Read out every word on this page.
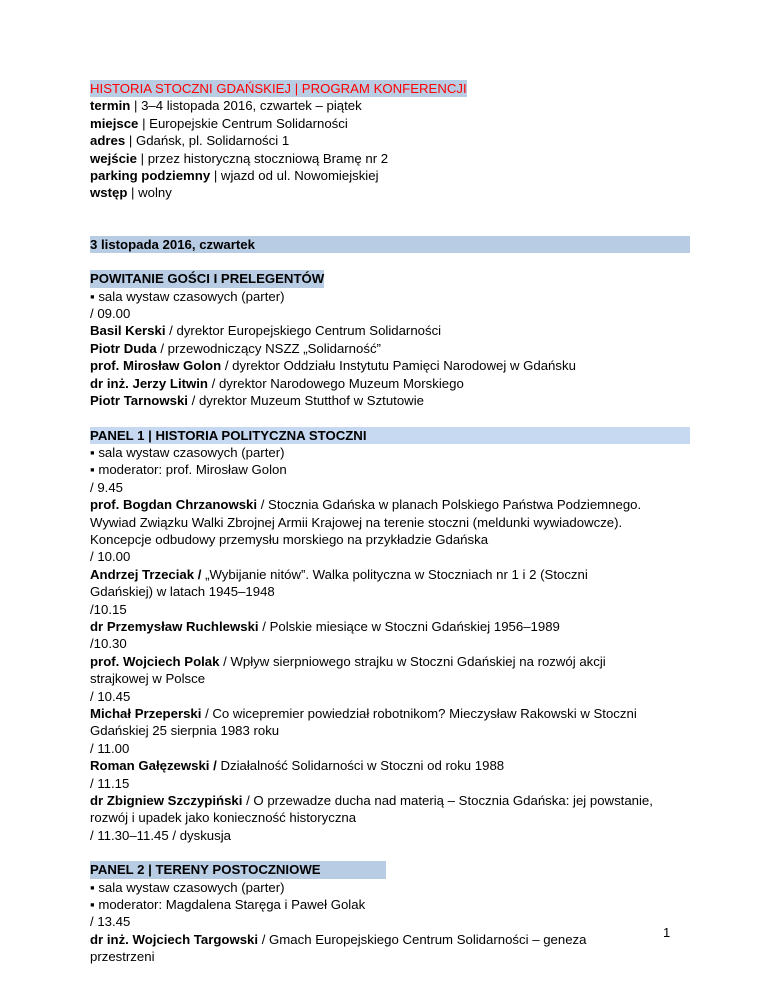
HISTORIA STOCZNI GDAŃSKIEJ | PROGRAM KONFERENCJI
termin | 3–4 listopada 2016, czwartek – piątek
miejsce | Europejskie Centrum Solidarności
adres | Gdańsk, pl. Solidarności 1
wejście | przez historyczną stoczniową Bramę nr 2
parking podziemny | wjazd od ul. Nowomiejskiej
wstęp | wolny
3 listopada 2016, czwartek
POWITANIE GOŚCI I PRELEGENTÓW
▪ sala wystaw czasowych (parter)
/ 09.00
Basil Kerski / dyrektor Europejskiego Centrum Solidarności
Piotr Duda / przewodniczący NSZZ „Solidarność”
prof. Mirosław Golon / dyrektor Oddziału Instytutu Pamięci Narodowej w Gdańsku
dr inż. Jerzy Litwin / dyrektor Narodowego Muzeum Morskiego
Piotr Tarnowski / dyrektor Muzeum Stutthof w Sztutowie
PANEL 1 | HISTORIA POLITYCZNA STOCZNI
▪ sala wystaw czasowych (parter)
▪ moderator: prof. Mirosław Golon
/ 9.45
prof. Bogdan Chrzanowski / Stocznia Gdańska w planach Polskiego Państwa Podziemnego.
Wywiad Związku Walki Zbrojnej Armii Krajowej na terenie stoczni (meldunki wywiadowcze).
Koncepcje odbudowy przemysłu morskiego na przykładzie Gdańska
/ 10.00
Andrzej Trzeciak / „Wybijanie nitów”. Walka polityczna w Stoczniach nr 1 i 2 (Stoczni
Gdańskiej) w latach 1945–1948
/10.15
dr Przemysław Ruchlewski / Polskie miesiące w Stoczni Gdańskiej 1956–1989
/10.30
prof. Wojciech Polak / Wpływ sierpniowego strajku w Stoczni Gdańskiej na rozwój akcji
strajkowej w Polsce
/ 10.45
Michał Przeperski / Co wicepremier powiedział robotnikom? Mieczysław Rakowski w Stoczni
Gdańskiej 25 sierpnia 1983 roku
/ 11.00
Roman Gałęzewski / Działalność Solidarności w Stoczni od roku 1988
/ 11.15
dr Zbigniew Szczypiński / O przewadze ducha nad materią – Stocznia Gdańska: jej powstanie,
rozwój i upadek jako konieczność historyczna
/ 11.30–11.45 / dyskusja
PANEL 2 | TERENY POSTOCZNIOWE
▪ sala wystaw czasowych (parter)
▪ moderator: Magdalena Staręga i Paweł Golak
/ 13.45
dr inż. Wojciech Targowski / Gmach Europejskiego Centrum Solidarności – geneza
przestrzeni
1
